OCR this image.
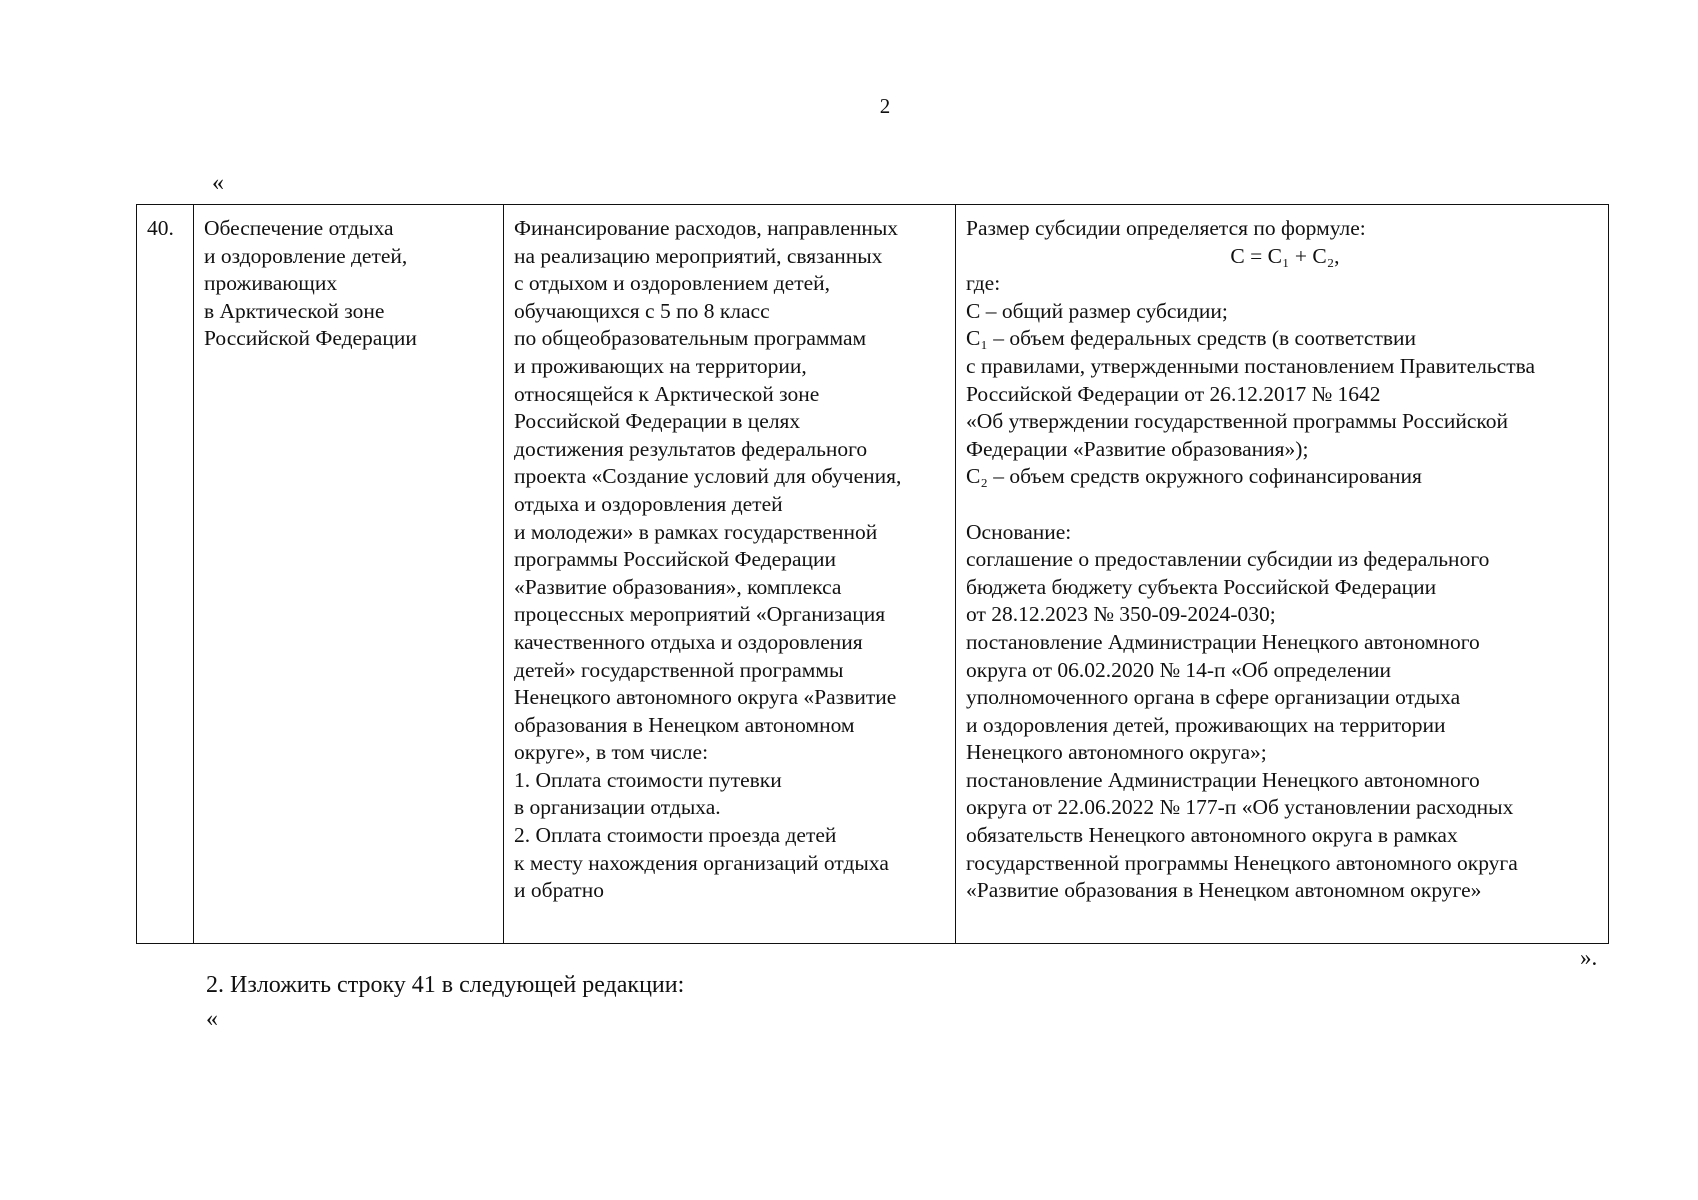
2
«
40.	Обеспечение отдыха
и оздоровление детей,
проживающих
в Арктической зоне
Российской Федерации

Финансирование расходов, направленных
на реализацию мероприятий, связанных
с отдыхом и оздоровлением детей,
обучающихся с 5 по 8 класс
по общеобразовательным программам
и проживающих на территории,
относящейся к Арктической зоне
Российской Федерации в целях
достижения результатов федерального
проекта «Создание условий для обучения,
отдыха и оздоровления детей
и молодежи» в рамках государственной
программы Российской Федерации
«Развитие образования», комплекса
процессных мероприятий «Организация
качественного отдыха и оздоровления
детей» государственной программы
Ненецкого автономного округа «Развитие
образования в Ненецком автономном
округе», в том числе:
1. Оплата стоимости путевки
в организации отдыха.
2. Оплата стоимости проезда детей
к месту нахождения организаций отдыха
и обратно

Размер субсидии определяется по формуле:
С = С₁ + С₂,
где:
С – общий размер субсидии;
С₁ – объем федеральных средств (в соответствии
с правилами, утвержденными постановлением Правительства
Российской Федерации от 26.12.2017 № 1642
«Об утверждении государственной программы Российской
Федерации «Развитие образования»);
С₂ – объем средств окружного софинансирования
Основание:
соглашение о предоставлении субсидии из федерального
бюджета бюджету субъекта Российской Федерации
от 28.12.2023 № 350-09-2024-030;
постановление Администрации Ненецкого автономного
округа от 06.02.2020 № 14-п «Об определении
уполномоченного органа в сфере организации отдыха
и оздоровления детей, проживающих на территории
Ненецкого автономного округа»;
постановление Администрации Ненецкого автономного
округа от 22.06.2022 № 177-п «Об установлении расходных
обязательств Ненецкого автономного округа в рамках
государственной программы Ненецкого автономного округа
«Развитие образования в Ненецком автономном округе»
».
2. Изложить строку 41 в следующей редакции:
«
